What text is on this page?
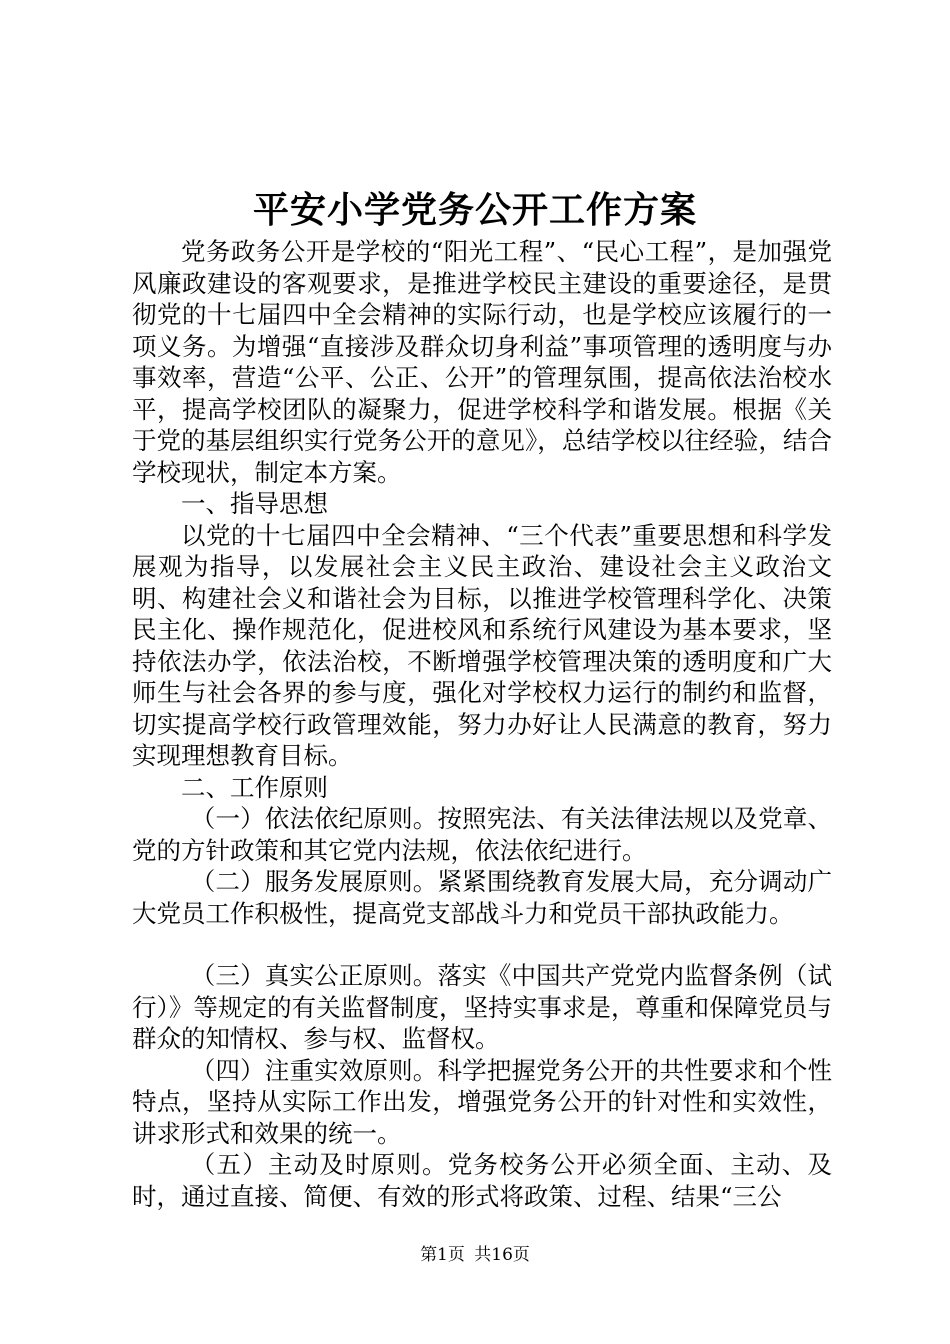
平安小学党务公开工作方案

党务政务公开是学校的“阳光工程”、“民心工程”，是加强党风廉政建设的客观要求，是推进学校民主建设的重要途径，是贯彻党的十七届四中全会精神的实际行动，也是学校应该履行的一项义务。为增强“直接涉及群众切身利益”事项管理的透明度与办事效率，营造“公平、公正、公开”的管理氛围，提高依法治校水平，提高学校团队的凝聚力，促进学校科学和谐发展。根据《关于党的基层组织实行党务公开的意见》，总结学校以往经验，结合学校现状，制定本方案。

一、指导思想

以党的十七届四中全会精神、“三个代表”重要思想和科学发展观为指导，以发展社会主义民主政治、建设社会主义政治文明、构建社会义和谐社会为目标，以推进学校管理科学化、决策民主化、操作规范化，促进校风和系统行风建设为基本要求，坚持依法办学，依法治校，不断增强学校管理决策的透明度和广大师生与社会各界的参与度，强化对学校权力运行的制约和监督，切实提高学校行政管理效能，努力办好让人民满意的教育，努力实现理想教育目标。

二、工作原则

（一）依法依纪原则。按照宪法、有关法律法规以及党章、党的方针政策和其它党内法规，依法依纪进行。

（二）服务发展原则。紧紧围绕教育发展大局，充分调动广大党员工作积极性，提高党支部战斗力和党员干部执政能力。

（三）真实公正原则。落实《中国共产党党内监督条例（试行）》等规定的有关监督制度，坚持实事求是，尊重和保障党员与群众的知情权、参与权、监督权。

（四）注重实效原则。科学把握党务公开的共性要求和个性特点，坚持从实际工作出发，增强党务公开的针对性和实效性，讲求形式和效果的统一。

（五）主动及时原则。党务校务公开必须全面、主动、及时，通过直接、简便、有效的形式将政策、过程、结果“三公

第1页 共16页
